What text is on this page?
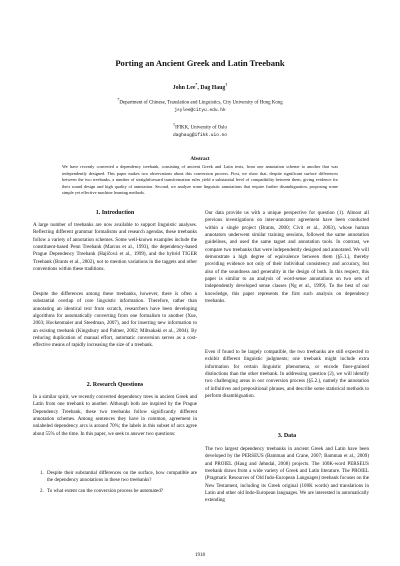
Porting an Ancient Greek and Latin Treebank
John Lee*, Dag Haug†
*Department of Chinese, Translation and Linguistics, City University of Hong Kong
jsylee@cityu.edu.hk
†IFIKK, University of Oslo
daghaug@ifikk.uio.no
Abstract

We have recently converted a dependency treebank, consisting of ancient Greek and Latin texts, from one annotation scheme to another that was independently designed. This paper makes two observations about this conversion process. First, we show that, despite significant surface differences between the two treebanks, a number of straightforward transformation rules yield a substantial level of compatibility between them, giving evidence for their sound design and high quality of annotation. Second, we analyze some linguistic annotations that require further disambiguation, proposing some simple yet effective machine learning methods.

1. Introduction

A large number of treebanks are now available to support linguistic analyses. Reflecting different grammar formalisms and research agendas, these treebanks follow a variety of annotation schemes. Some well-known examples include the constituent-based Penn Treebank (Marcus et al., 1993), the dependency-based Prague Dependency Treebank (Hajičová et al., 1999), and the hybrid TIGER Treebank (Brants et al., 2002), not to mention variations in the taggets and other conventions within these traditions.

Despite the differences among these treebanks, however, there is often a substantial overlap of core linguistic information. Therefore, rather than annotating an identical text from scratch, researchers have been developing algorithms for automatically converting from one formalism to another (Xue, 2003; Hockenmaier and Steedman, 2007), and for inserting new information to an existing treebank (Kingsbury and Palmer, 2002; Miltsakaki et al., 2004). By reducing duplication of manual effort, automatic conversion serves as a cost-effective means of rapidly increasing the size of a treebank.

2. Research Questions

In a similar spirit, we recently converted dependency trees in ancient Greek and Latin from one treebank to another. Although both are inspired by the Prague Dependency Treebank, these two treebanks follow significantly different annotation schemes. Among sentences they have in common, agreement in unlabeled dependency arcs is around 70%; the labels in this subset of arcs agree about 55% of the time. In this paper, we seek to answer two questions:

1. Despite their substantial differences on the surface, how compatible are the dependency annotations in these two treebanks?
2. To what extent can the conversion process be automated?

Our data provide us with a unique perspective for question (1). Almost all previous investigations on inter-annotator agreement have been conducted within a single project (Brants, 2000; Civit et al., 2003), whose human annotators underwent similar training sessions, followed the same annotation guidelines, and used the same tagset and annotation tools. In contrast, we compare two treebanks that were independently designed and annotated. We will demonstrate a high degree of equivalence between them (§5.1.), thereby providing evidence not only of their individual consistency and accuracy, but also of the soundness and generality in the design of both. In this respect, this paper is similar to an analysis of word-sense annotations on two sets of independently developed sense classes (Ng et al., 1999). To the best of our knowledge, this paper represents the first such analysis on dependency treebanks.

Even if found to be largely compatible, the two treebanks are still expected to exhibit different linguistic judgments; one treebank might include extra information for certain linguistic phenomena, or encode finer-grained distinctions than the other treebank. In addressing question (2), we will identify two challenging areas in our conversion process (§5.2.), namely the annotation of infinitives and prepositional phrases, and describe some statistical methods to perform disambiguation.

3. Data

The two largest dependency treebanks in ancient Greek and Latin have been developed by the PERSEUS (Bamman and Crane, 2007; Bamman et al., 2009) and PROIEL (Haug and Jøhndal, 2008) projects. The 100K-word PERSEUS treebank draws from a wide variety of Greek and Latin literature. The PROIEL (Pragmatic Resources of Old Indo-European Languages) treebank focuses on the New Testament, including its Greek original (100K words) and translations in Latin and other old Indo-European languages. We are interested in automatically extending

1918
